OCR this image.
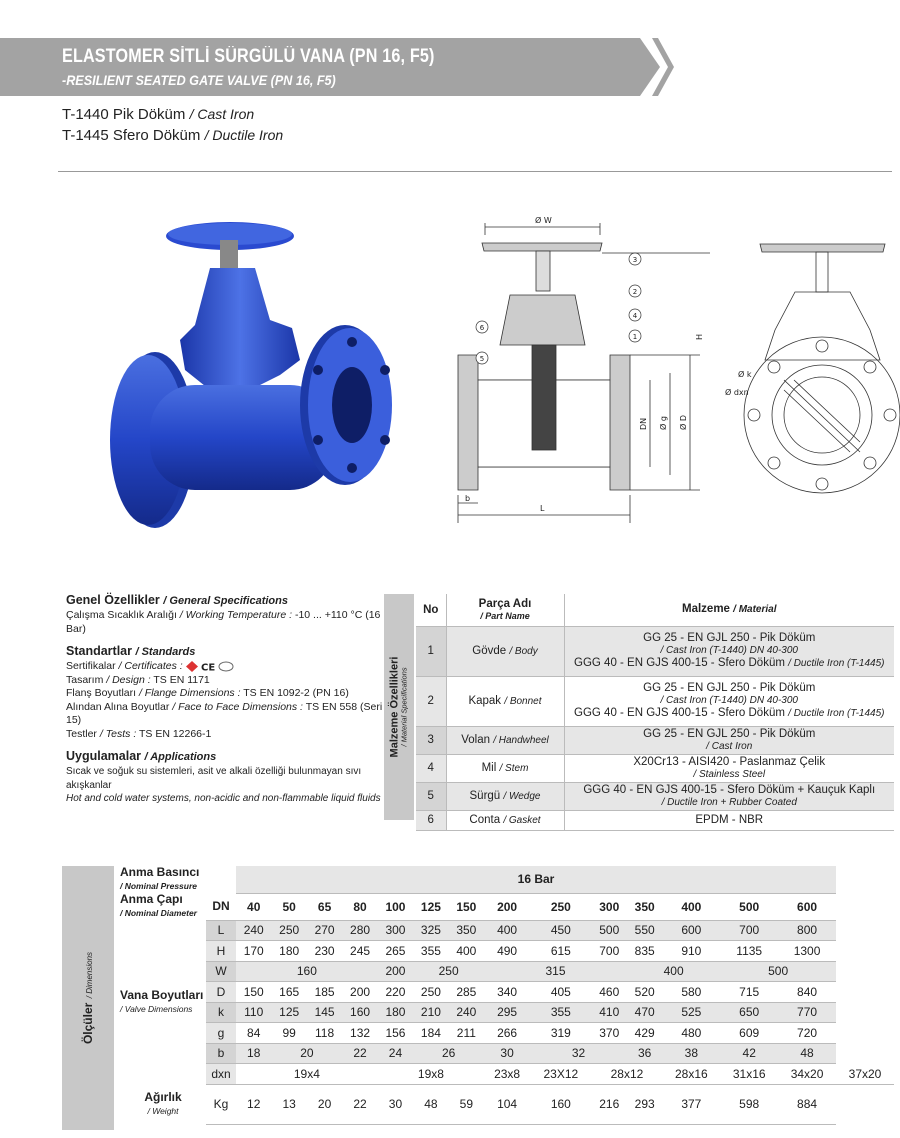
ELASTOMER SİTLİ SÜRGÜLÜ VANA (PN 16, F5)
-RESILIENT SEATED GATE VALVE (PN 16, F5)
T-1440 Pik Döküm / Cast Iron
T-1445 Sfero Döküm / Ductile Iron
Ø W
H
DN Ø g Ø D
b
L
3
2
4
1
5
6
Ø k
Ø dxn
Genel Özellikler / General Specifications
Çalışma Sıcaklık Aralığı / Working Temperature : -10 ... +110 °C (16 Bar)
Standartlar / Standards
Sertifikalar / Certificates : CE
Tasarım / Design : TS EN 1171
Flanş Boyutları / Flange Dimensions : TS EN 1092-2 (PN 16)
Alından Alına Boyutlar / Face to Face Dimensions : TS EN 558 (Seri 15)
Testler / Tests : TS EN 12266-1
Uygulamalar / Applications
Sıcak ve soğuk su sistemleri, asit ve alkali özelliği bulunmayan sıvı akışkanlar
Hot and cold water systems, non-acidic and non-flammable liquid fluids
Malzeme Özellikleri / Material Specifications
No	Parça Adı
/ Part Name	Malzeme / Material
1	Gövde / Body	GG 25 - EN GJL 250 - Pik Döküm
/ Cast Iron (T-1440) DN 40-300
GGG 40 - EN GJS 400-15 - Sfero Döküm / Ductile Iron (T-1445)

2	Kapak / Bonnet	GG 25 - EN GJL 250 - Pik Döküm
/ Cast Iron (T-1440) DN 40-300
GGG 40 - EN GJS 400-15 - Sfero Döküm / Ductile Iron (T-1445)

3	Volan / Handwheel	GG 25 - EN GJL 250 - Pik Döküm
/ Cast Iron

4	Mil / Stem	X20Cr13 - AISI420 - Paslanmaz Çelik
/ Stainless Steel

5	Sürgü / Wedge	GGG 40 - EN GJS 400-15 - Sfero Döküm + Kauçuk Kaplı
/ Ductile Iron + Rubber Coated

6	Conta / Gasket	EPDM - NBR
Ölçüler / Dimensions
Anma Basıncı
/ Nominal Pressure		16 Bar														
Anma Çapı
/ Nominal Diameter	DN	40	50	65	80	100	125	150	200	250	300	350	400	500	600	
Vana Boyutları
/ Valve Dimensions	L	240	250	270	280	300	325	350	400	450	500	550	600	700	800	
	H	170	180	230	245	265	355	400	490	615	700	835	910	1135	1300	
	W	160				200	250		315			400		500		
	D	150	165	185	200	220	250	285	340	405	460	520	580	715	840	
	k	110	125	145	160	180	210	240	295	355	410	470	525	650	770	
	g	84	99	118	132	156	184	211	266	319	370	429	480	609	720	
	b	18	20		22	24	26		30	32		36	38	42	48	
	dxn	19x4				19x8			23x8	23X12	28x12		28x16	31x16	34x20	37x20
Ağırlık
/ Weight	Kg	12	13	20	22	30	48	59	104	160	216	293	377	598	884	
